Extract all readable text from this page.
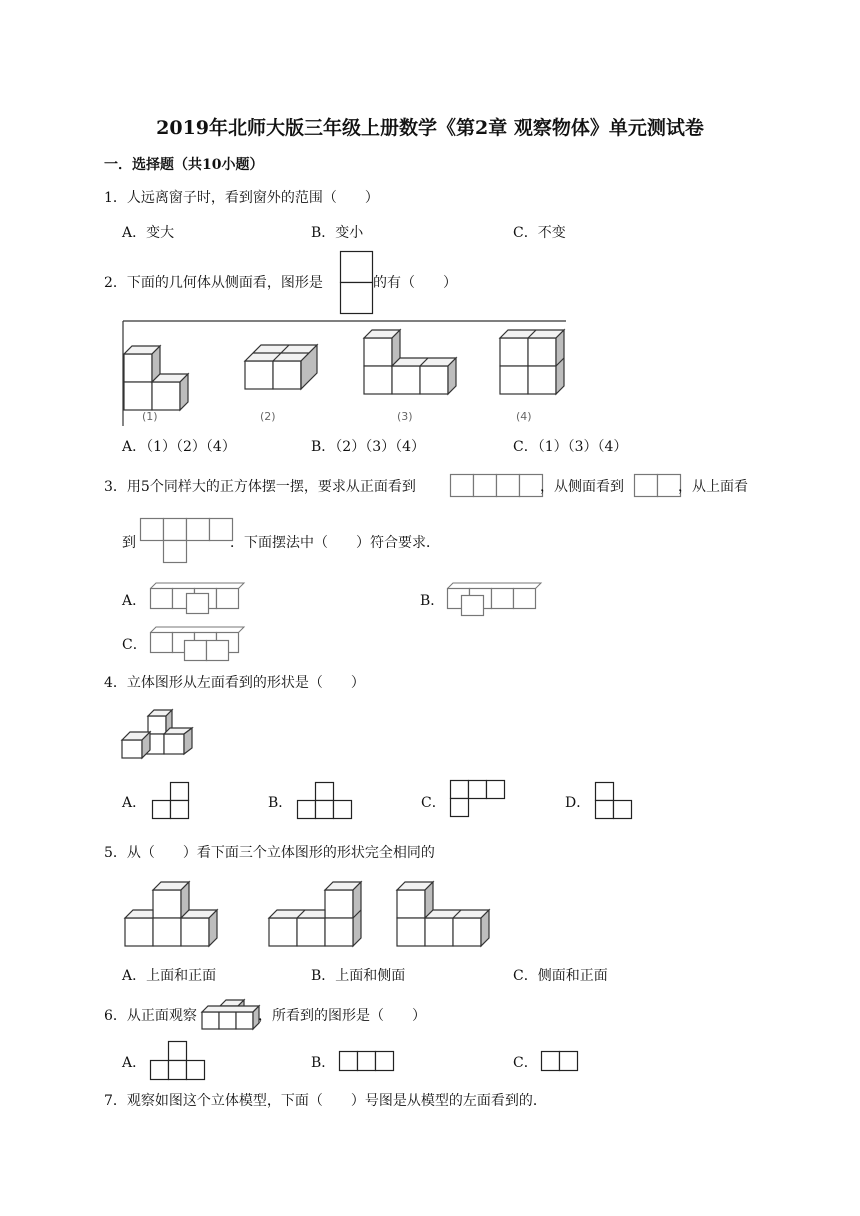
2019年北师大版三年级上册数学《第2章 观察物体》单元测试卷
一．选择题（共10小题）
1．人远离窗子时，看到窗外的范围（　　）
A．变大	B．变小	C．不变
2．下面的几何体从侧面看，图形是	的有（　　）
(1)	(2)	(3)	(4)
A．（1）（2）（4）	B．（2）（3）（4）	C．（1）（3）（4）
3．用5个同样大的正方体摆一摆，要求从正面看到	，从侧面看到	，从上面看
到	．下面摆法中（　　）符合要求．
A．	B．
C．
4．立体图形从左面看到的形状是（　　）
A．	B．	C．	D．
5．从（　　）看下面三个立体图形的形状完全相同的
A．上面和正面	B．上面和侧面	C．侧面和正面
6．从正面观察	，所看到的图形是（　　）
A．	B．	C．
7．观察如图这个立体模型，下面（　　）号图是从模型的左面看到的．
